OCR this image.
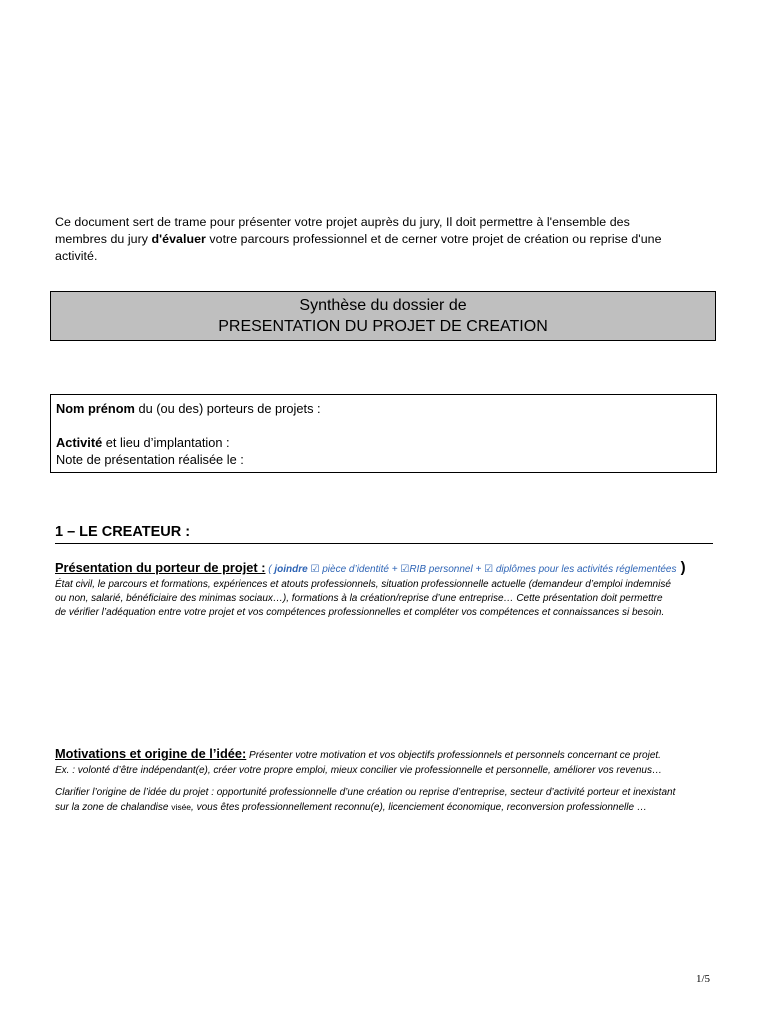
Ce document sert de trame pour présenter votre projet auprès du jury, Il doit permettre à l'ensemble des
membres du jury d'évaluer votre parcours professionnel et de cerner votre projet de création ou reprise d'une
activité.
Synthèse du dossier de
PRESENTATION DU PROJET DE CREATION
Nom prénom du (ou des) porteurs de projets :
Activité et lieu d’implantation :
Note de présentation réalisée le :
1 – LE CREATEUR :
Présentation du porteur de projet : ( joindre ☑ pièce d’identité + ☑RIB personnel + ☑ diplômes pour les activités réglementées )
État civil, le parcours et formations, expériences et atouts professionnels, situation professionnelle actuelle (demandeur d’emploi indemnisé
ou non, salarié, bénéficiaire des minimas sociaux…), formations à la création/reprise d’une entreprise… Cette présentation doit permettre
de vérifier l’adéquation entre votre projet et vos compétences professionnelles et compléter vos compétences et connaissances si besoin.
Motivations et origine de l’idée: Présenter votre motivation et vos objectifs professionnels et personnels concernant ce projet.
Ex. : volonté d’être indépendant(e), créer votre propre emploi, mieux concilier vie professionnelle et personnelle, améliorer vos revenus…
Clarifier l’origine de l’idée du projet : opportunité professionnelle d’une création ou reprise d’entreprise, secteur d’activité porteur et inexistant
sur la zone de chalandise visée, vous êtes professionnellement reconnu(e), licenciement économique, reconversion professionnelle …
1/5
